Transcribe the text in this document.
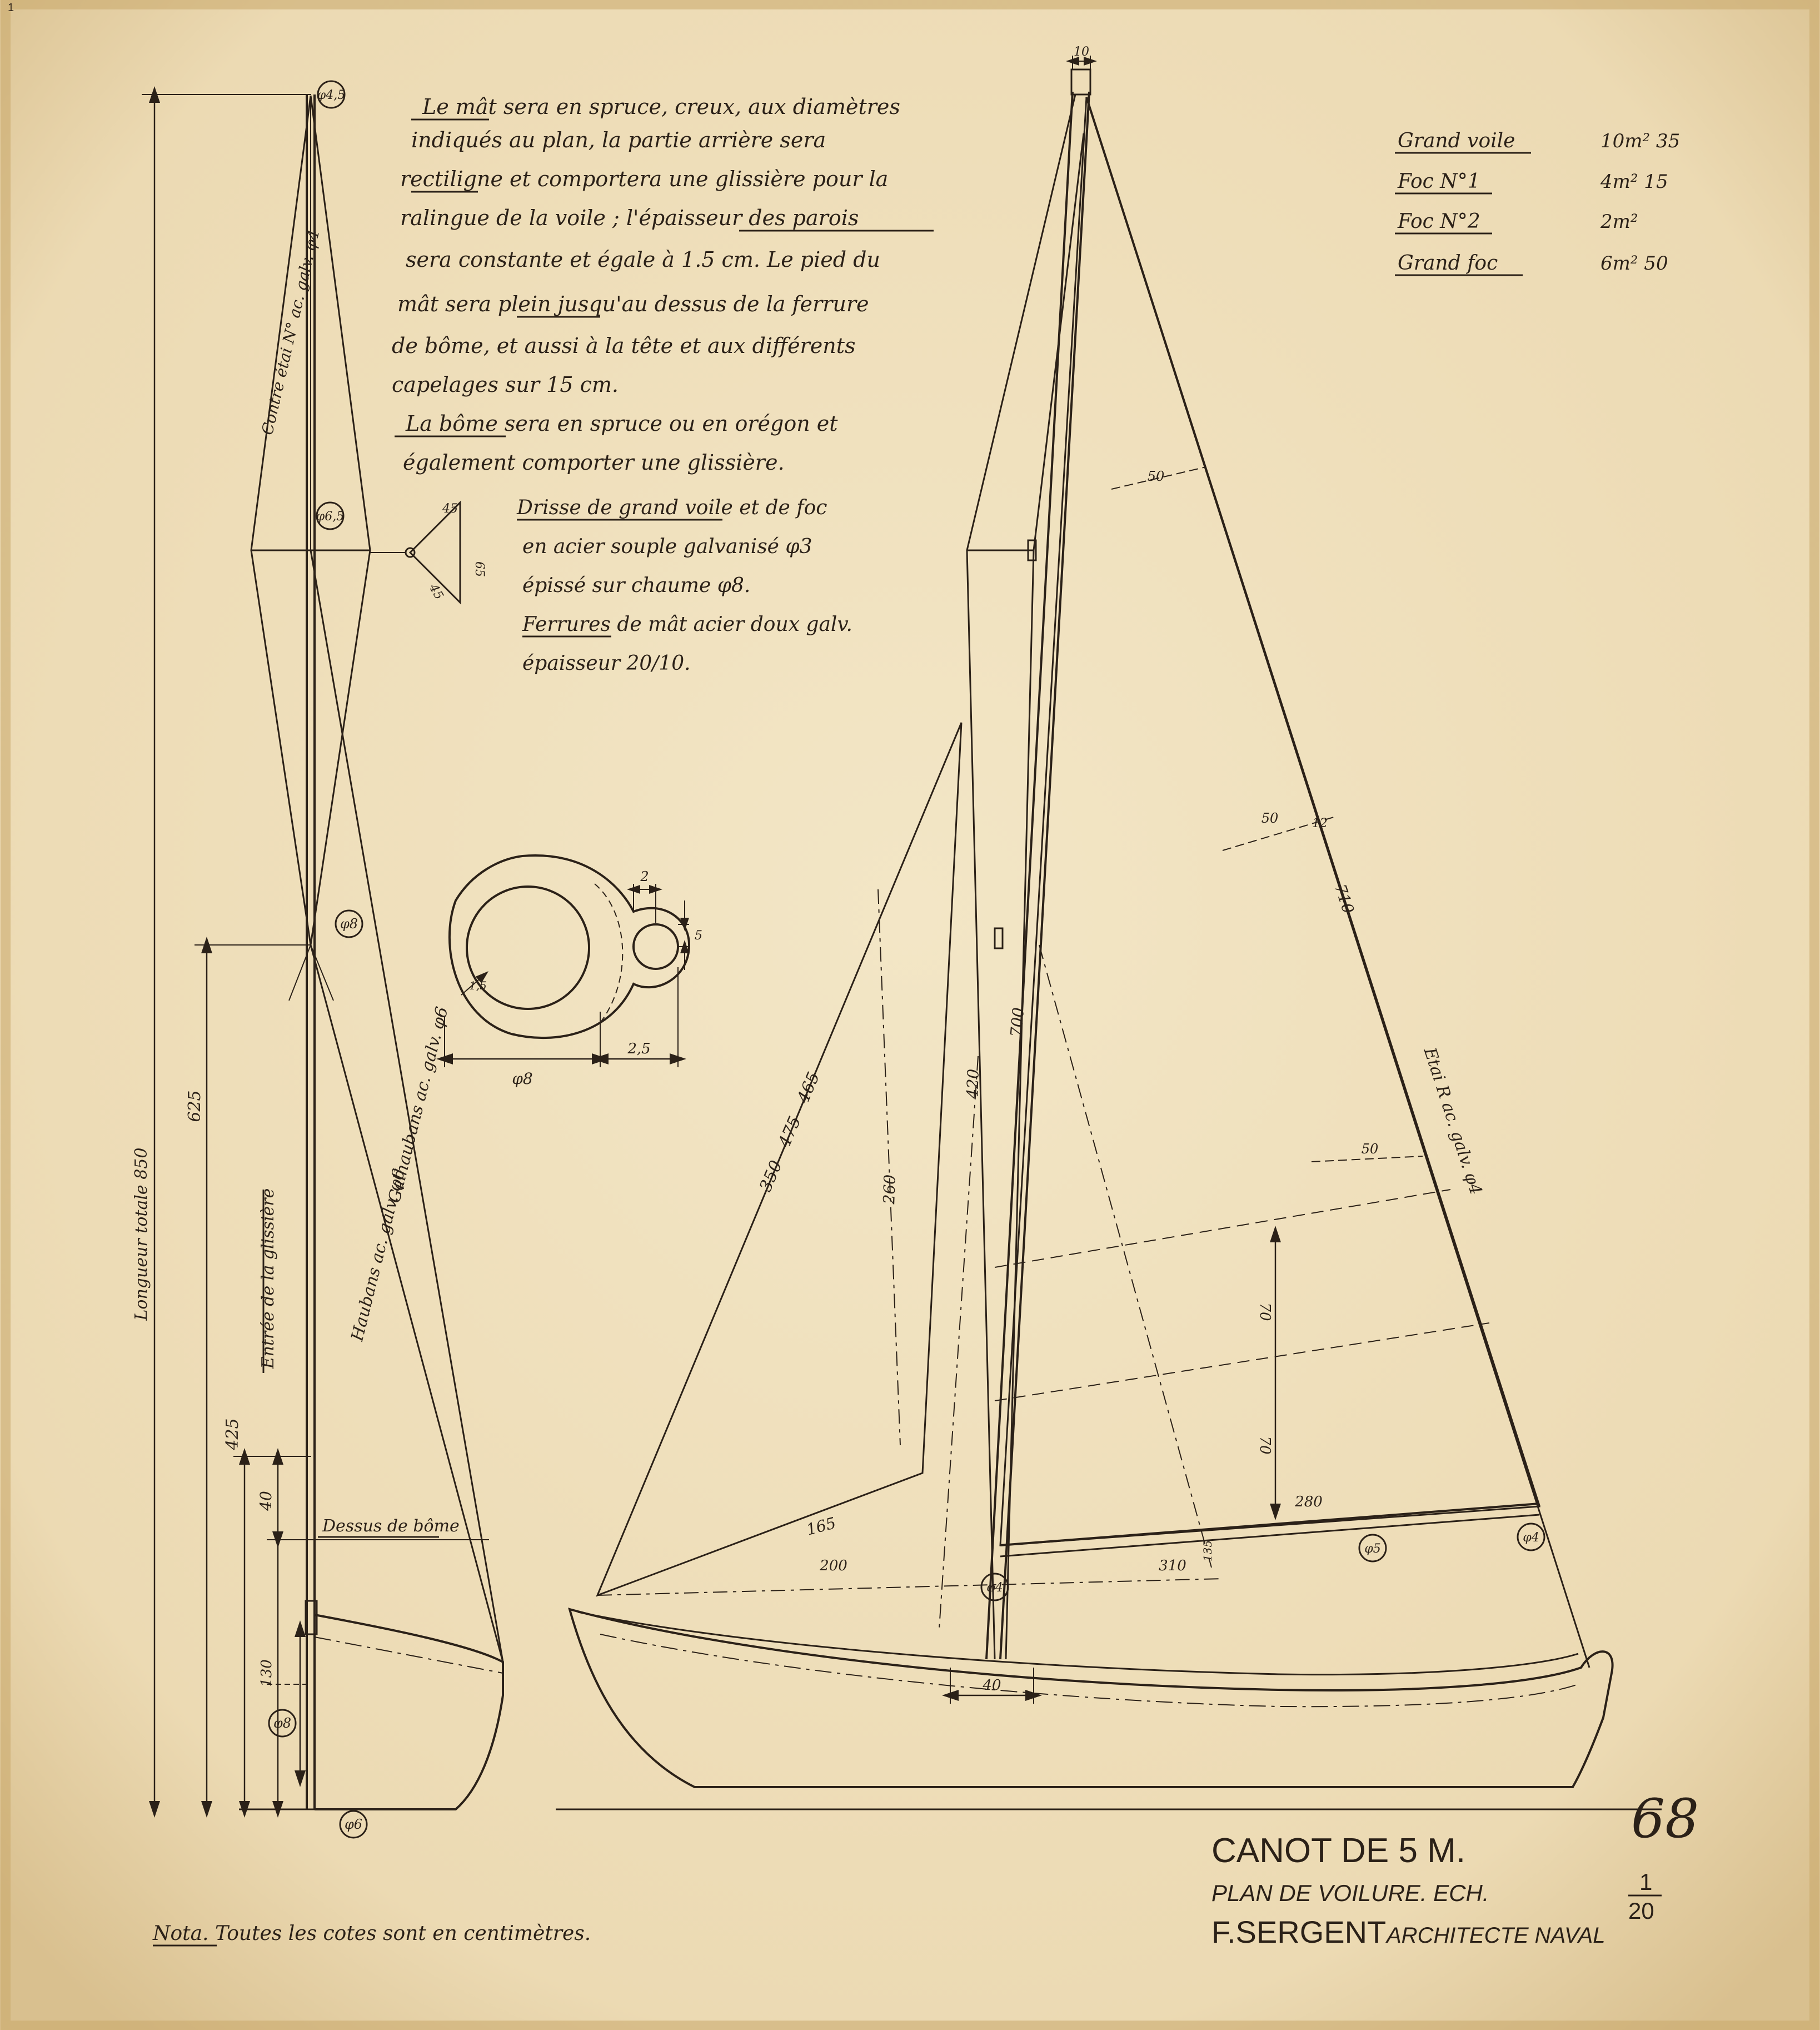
1
φ4,5
φ6,5
φ8
φ8
φ6
Longueur totale 850
625
425
40
130
Entrée de la glissière
Dessus de bôme
Contre étai N° ac. galv. φ4
Haubans ac. galv. φ6
Galhaubans ac. galv. φ6
45
65
45
φ8
2
5
2,5
1,5
Le mât sera en spruce, creux, aux diamètres
indiqués au plan, la partie arrière sera
rectiligne et comportera une glissière pour la
ralingue de la voile ; l'épaisseur des parois
sera constante et égale à 1.5 cm. Le pied du
mât sera plein jusqu'au dessus de la ferrure
de bôme, et aussi à la tête et aux différents
capelages sur 15 cm.
La bôme sera en spruce ou en orégon et
également comporter une glissière.
Drisse de grand voile et de foc
en acier souple galvanisé φ3
épissé sur chaume φ8.
Ferrures de mât acier doux galv.
épaisseur 20/10.
Grand voile	10m² 35
Foc N°1	4m² 15
Foc N°2	2m²
Grand foc	6m² 50
10
φ4
φ5
φ4
350 - 475 - 465	260
165
420
700
710
Etai R ac. galv. φ4
50
50	12
50
70
70
280
310
200
135
40
Nota. Toutes les cotes sont en centimètres.
68
CANOT DE 5 M.
PLAN DE VOILURE. ECH.	1
20
F.SERGENT ARCHITECTE NAVAL
